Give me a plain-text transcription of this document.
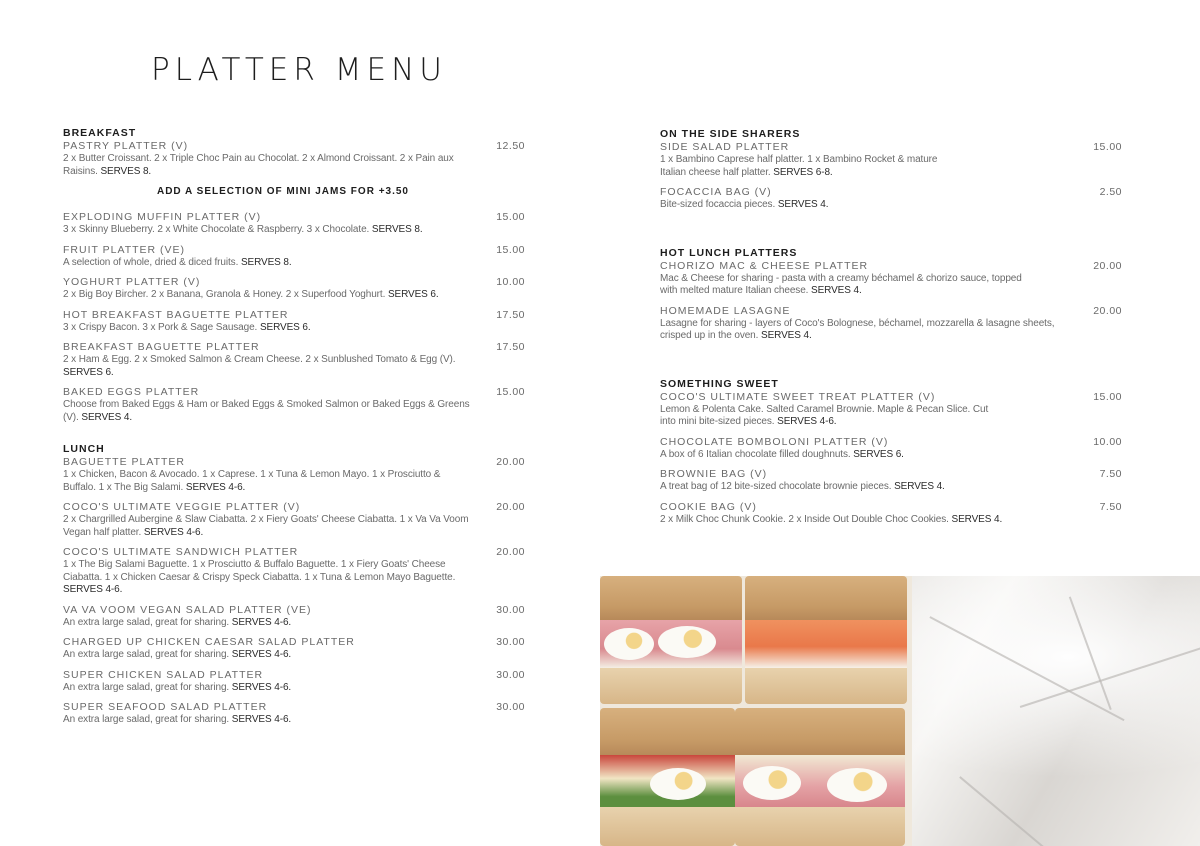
PLATTER MENU
BREAKFAST
PASTRY PLATTER (V)	12.50
2 x Butter Croissant. 2 x Triple Choc Pain au Chocolat. 2 x Almond Croissant. 2 x Pain aux Raisins. SERVES 8.
ADD A SELECTION OF MINI JAMS FOR +3.50
EXPLODING MUFFIN PLATTER (V)	15.00
3 x Skinny Blueberry. 2 x White Chocolate & Raspberry. 3 x Chocolate. SERVES 8.
FRUIT PLATTER (VE)	15.00
A selection of whole, dried & diced fruits. SERVES 8.
YOGHURT PLATTER (V)	10.00
2 x Big Boy Bircher. 2 x Banana, Granola & Honey. 2 x Superfood Yoghurt. SERVES 6.
HOT BREAKFAST BAGUETTE PLATTER	17.50
3 x Crispy Bacon. 3 x Pork & Sage Sausage. SERVES 6.
BREAKFAST BAGUETTE PLATTER	17.50
2 x Ham & Egg. 2 x Smoked Salmon & Cream Cheese. 2 x Sunblushed Tomato & Egg (V). SERVES 6.
BAKED EGGS PLATTER	15.00
Choose from Baked Eggs & Ham or Baked Eggs & Smoked Salmon or Baked Eggs & Greens (V). SERVES 4.
LUNCH
BAGUETTE PLATTER	20.00
1 x Chicken, Bacon & Avocado. 1 x Caprese. 1 x Tuna & Lemon Mayo. 1 x Prosciutto & Buffalo. 1 x The Big Salami. SERVES 4-6.
COCO'S ULTIMATE VEGGIE PLATTER (V)	20.00
2 x Chargrilled Aubergine & Slaw Ciabatta. 2 x Fiery Goats' Cheese Ciabatta. 1 x Va Va Voom Vegan half platter. SERVES 4-6.
COCO'S ULTIMATE SANDWICH PLATTER	20.00
1 x The Big Salami Baguette. 1 x Prosciutto & Buffalo Baguette. 1 x Fiery Goats' Cheese Ciabatta. 1 x Chicken Caesar & Crispy Speck Ciabatta. 1 x Tuna & Lemon Mayo Baguette. SERVES 4-6.
VA VA VOOM VEGAN SALAD PLATTER (VE)	30.00
An extra large salad, great for sharing. SERVES 4-6.
CHARGED UP CHICKEN CAESAR SALAD PLATTER	30.00
An extra large salad, great for sharing. SERVES 4-6.
SUPER CHICKEN SALAD PLATTER	30.00
An extra large salad, great for sharing. SERVES 4-6.
SUPER SEAFOOD SALAD PLATTER	30.00
An extra large salad, great for sharing. SERVES 4-6.
ON THE SIDE SHARERS
SIDE SALAD PLATTER	15.00
1 x Bambino Caprese half platter. 1 x Bambino Rocket & mature Italian cheese half platter. SERVES 6-8.
FOCACCIA BAG (V)	2.50
Bite-sized focaccia pieces. SERVES 4.
HOT LUNCH PLATTERS
CHORIZO MAC & CHEESE PLATTER	20.00
Mac & Cheese for sharing - pasta with a creamy béchamel & chorizo sauce, topped with melted mature Italian cheese. SERVES 4.
HOMEMADE LASAGNE	20.00
Lasagne for sharing - layers of Coco's Bolognese, béchamel, mozzarella & lasagne sheets, crisped up in the oven. SERVES 4.
SOMETHING SWEET
COCO'S ULTIMATE SWEET TREAT PLATTER (V)	15.00
Lemon & Polenta Cake. Salted Caramel Brownie. Maple & Pecan Slice. Cut into mini bite-sized pieces. SERVES 4-6.
CHOCOLATE BOMBOLONI PLATTER (V)	10.00
A box of 6 Italian chocolate filled doughnuts. SERVES 6.
BROWNIE BAG (V)	7.50
A treat bag of 12 bite-sized chocolate brownie pieces. SERVES 4.
COOKIE BAG (V)	7.50
2 x Milk Choc Chunk Cookie. 2 x Inside Out Double Choc Cookies. SERVES 4.
